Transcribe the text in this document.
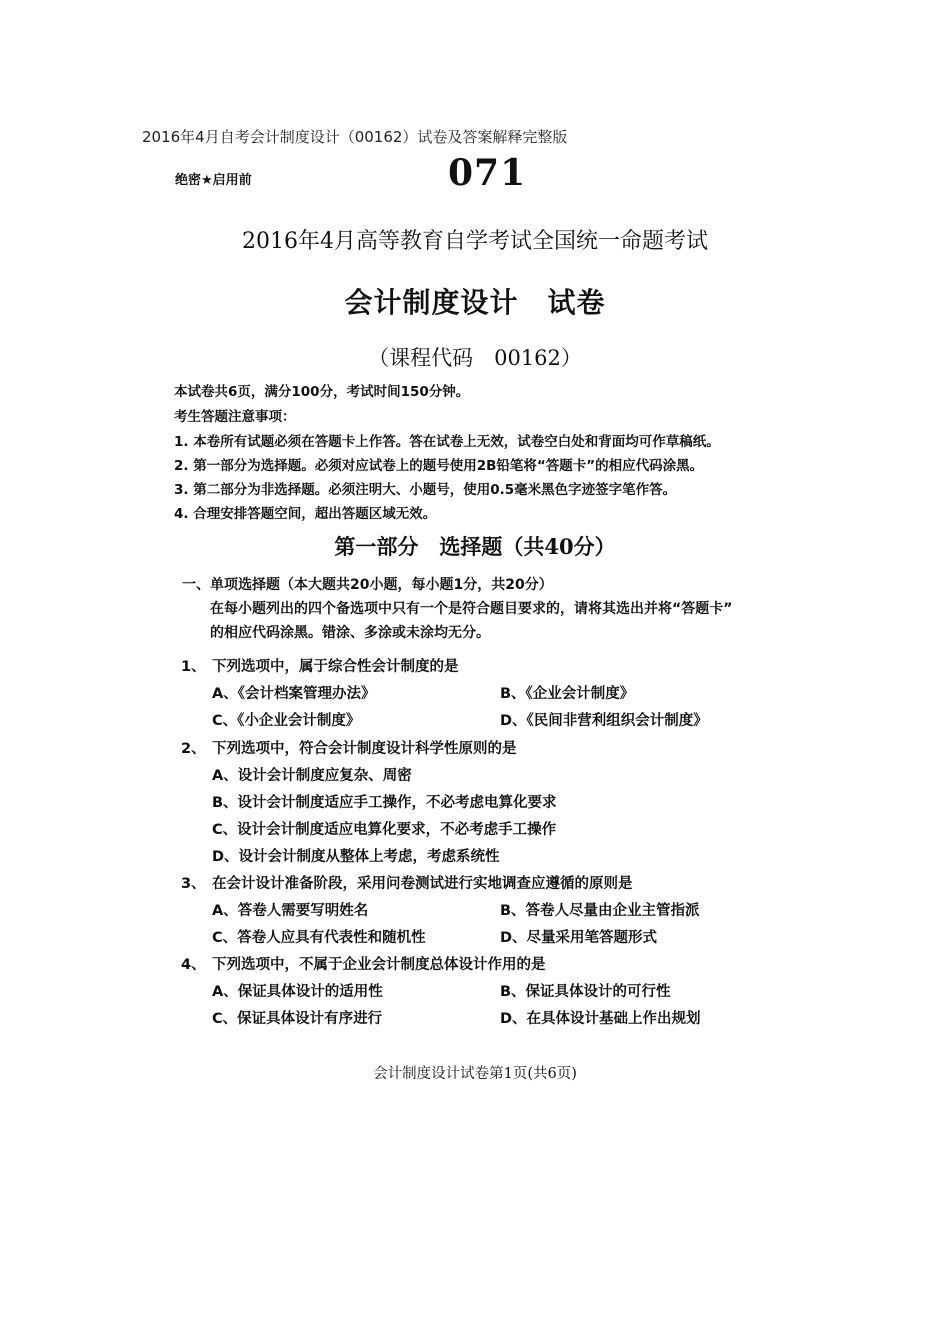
2016年4月自考会计制度设计（00162）试卷及答案解释完整版
绝密★启用前	071
2016年4月高等教育自学考试全国统一命题考试
会计制度设计　试卷
（课程代码　00162）
本试卷共6页，满分100分，考试时间150分钟。
考生答题注意事项：
1. 本卷所有试题必须在答题卡上作答。答在试卷上无效，试卷空白处和背面均可作草稿纸。
2. 第一部分为选择题。必须对应试卷上的题号使用2B铅笔将“答题卡”的相应代码涂黑。
3. 第二部分为非选择题。必须注明大、小题号，使用0.5毫米黑色字迹签字笔作答。
4. 合理安排答题空间，超出答题区域无效。
第一部分　选择题（共40分）
一、单项选择题（本大题共20小题，每小题1分，共20分）
在每小题列出的四个备选项中只有一个是符合题目要求的，请将其选出并将“答题卡”
的相应代码涂黑。错涂、多涂或未涂均无分。
1、 下列选项中，属于综合性会计制度的是
A、《会计档案管理办法》	B、《企业会计制度》
C、《小企业会计制度》	D、《民间非营利组织会计制度》
2、 下列选项中，符合会计制度设计科学性原则的是
A、设计会计制度应复杂、周密
B、设计会计制度适应手工操作，不必考虑电算化要求
C、设计会计制度适应电算化要求，不必考虑手工操作
D、设计会计制度从整体上考虑，考虑系统性
3、 在会计设计准备阶段，采用问卷测试进行实地调查应遵循的原则是
A、答卷人需要写明姓名	B、答卷人尽量由企业主管指派
C、答卷人应具有代表性和随机性	D、尽量采用笔答题形式
4、 下列选项中，不属于企业会计制度总体设计作用的是
A、保证具体设计的适用性	B、保证具体设计的可行性
C、保证具体设计有序进行	D、在具体设计基础上作出规划
会计制度设计试卷第1页(共6页)
